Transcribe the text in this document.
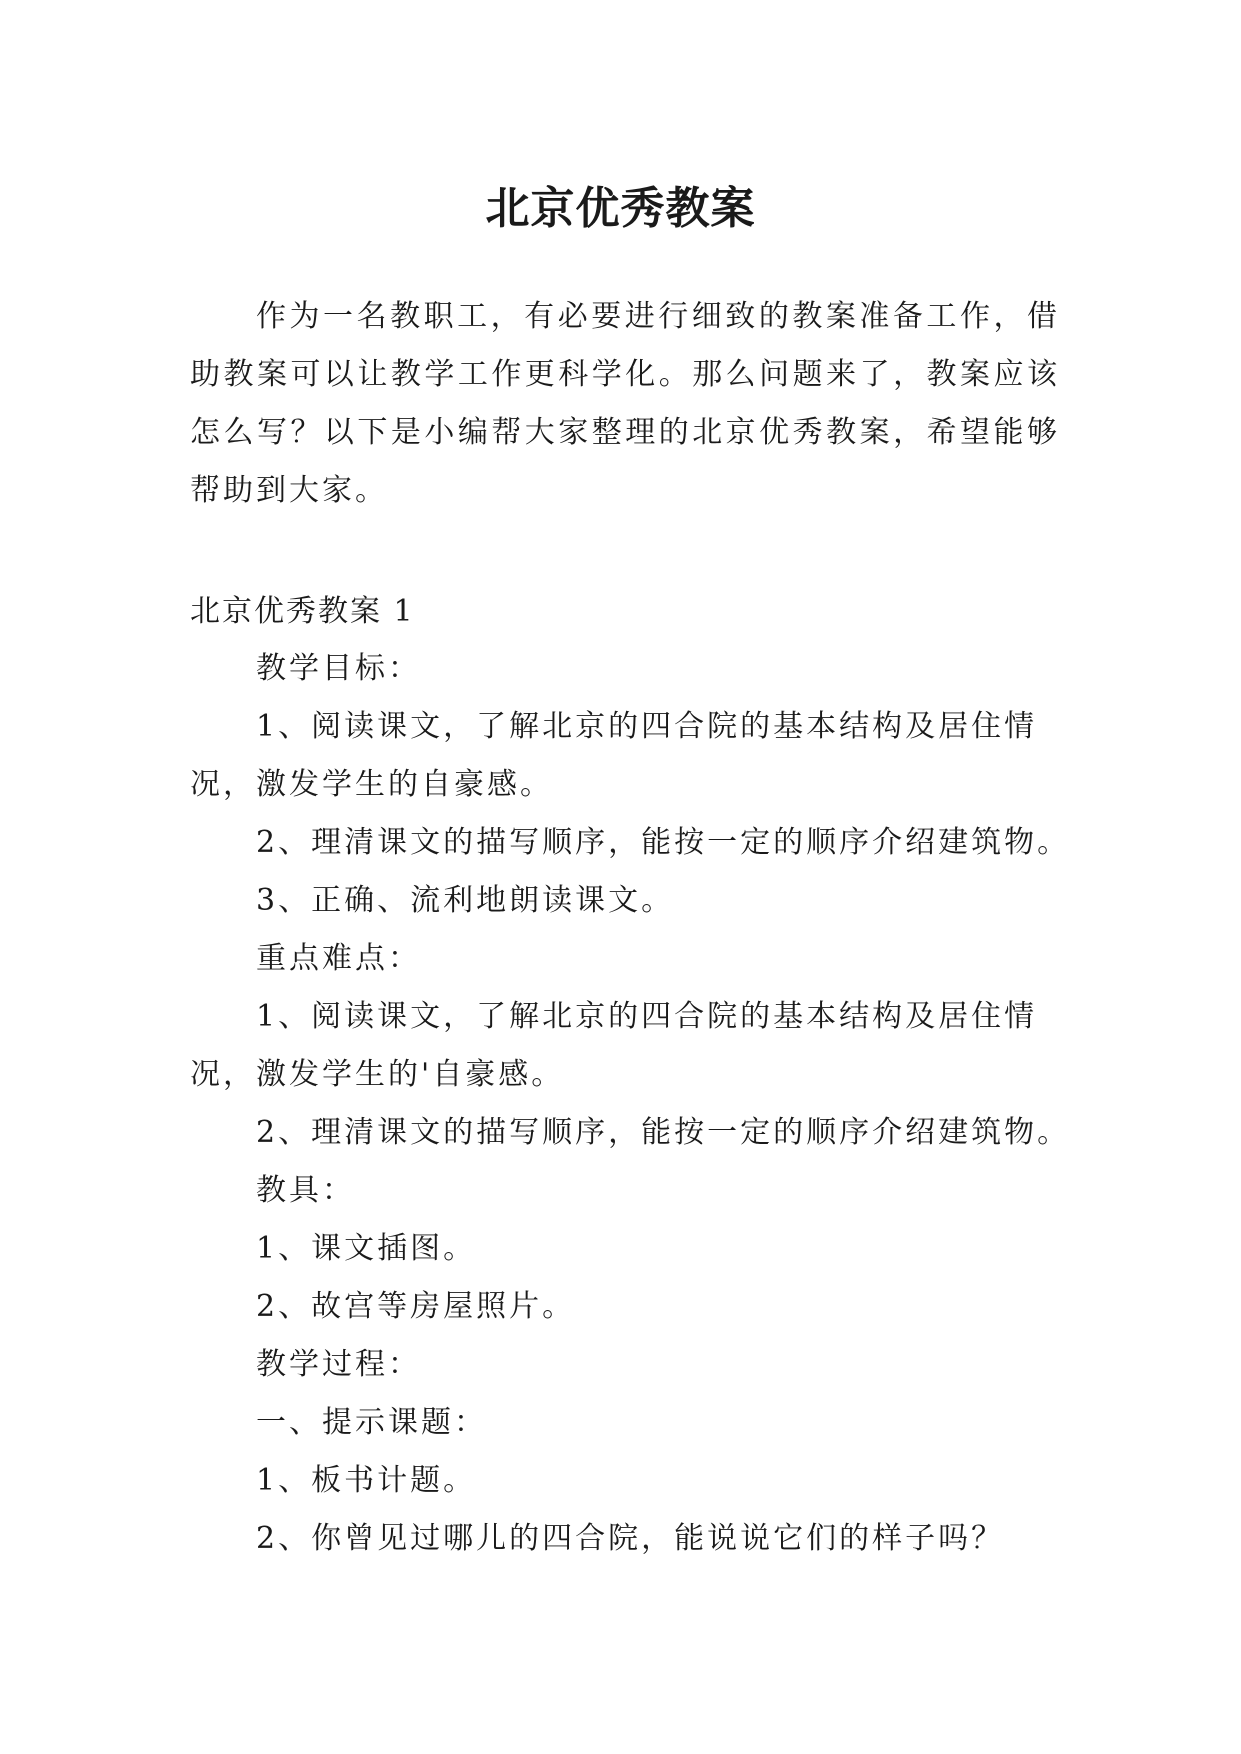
北京优秀教案

作为一名教职工，有必要进行细致的教案准备工作，借助教案可以让教学工作更科学化。那么问题来了，教案应该怎么写？以下是小编帮大家整理的北京优秀教案，希望能够帮助到大家。

北京优秀教案 1

教学目标：

1、阅读课文，了解北京的四合院的基本结构及居住情况，激发学生的自豪感。

2、理清课文的描写顺序，能按一定的顺序介绍建筑物。

3、正确、流利地朗读课文。

重点难点：

1、阅读课文，了解北京的四合院的基本结构及居住情况，激发学生的'自豪感。

2、理清课文的描写顺序，能按一定的顺序介绍建筑物。

教具：

1、课文插图。

2、故宫等房屋照片。

教学过程：

一、提示课题：

1、板书计题。

2、你曾见过哪儿的四合院，能说说它们的样子吗？
